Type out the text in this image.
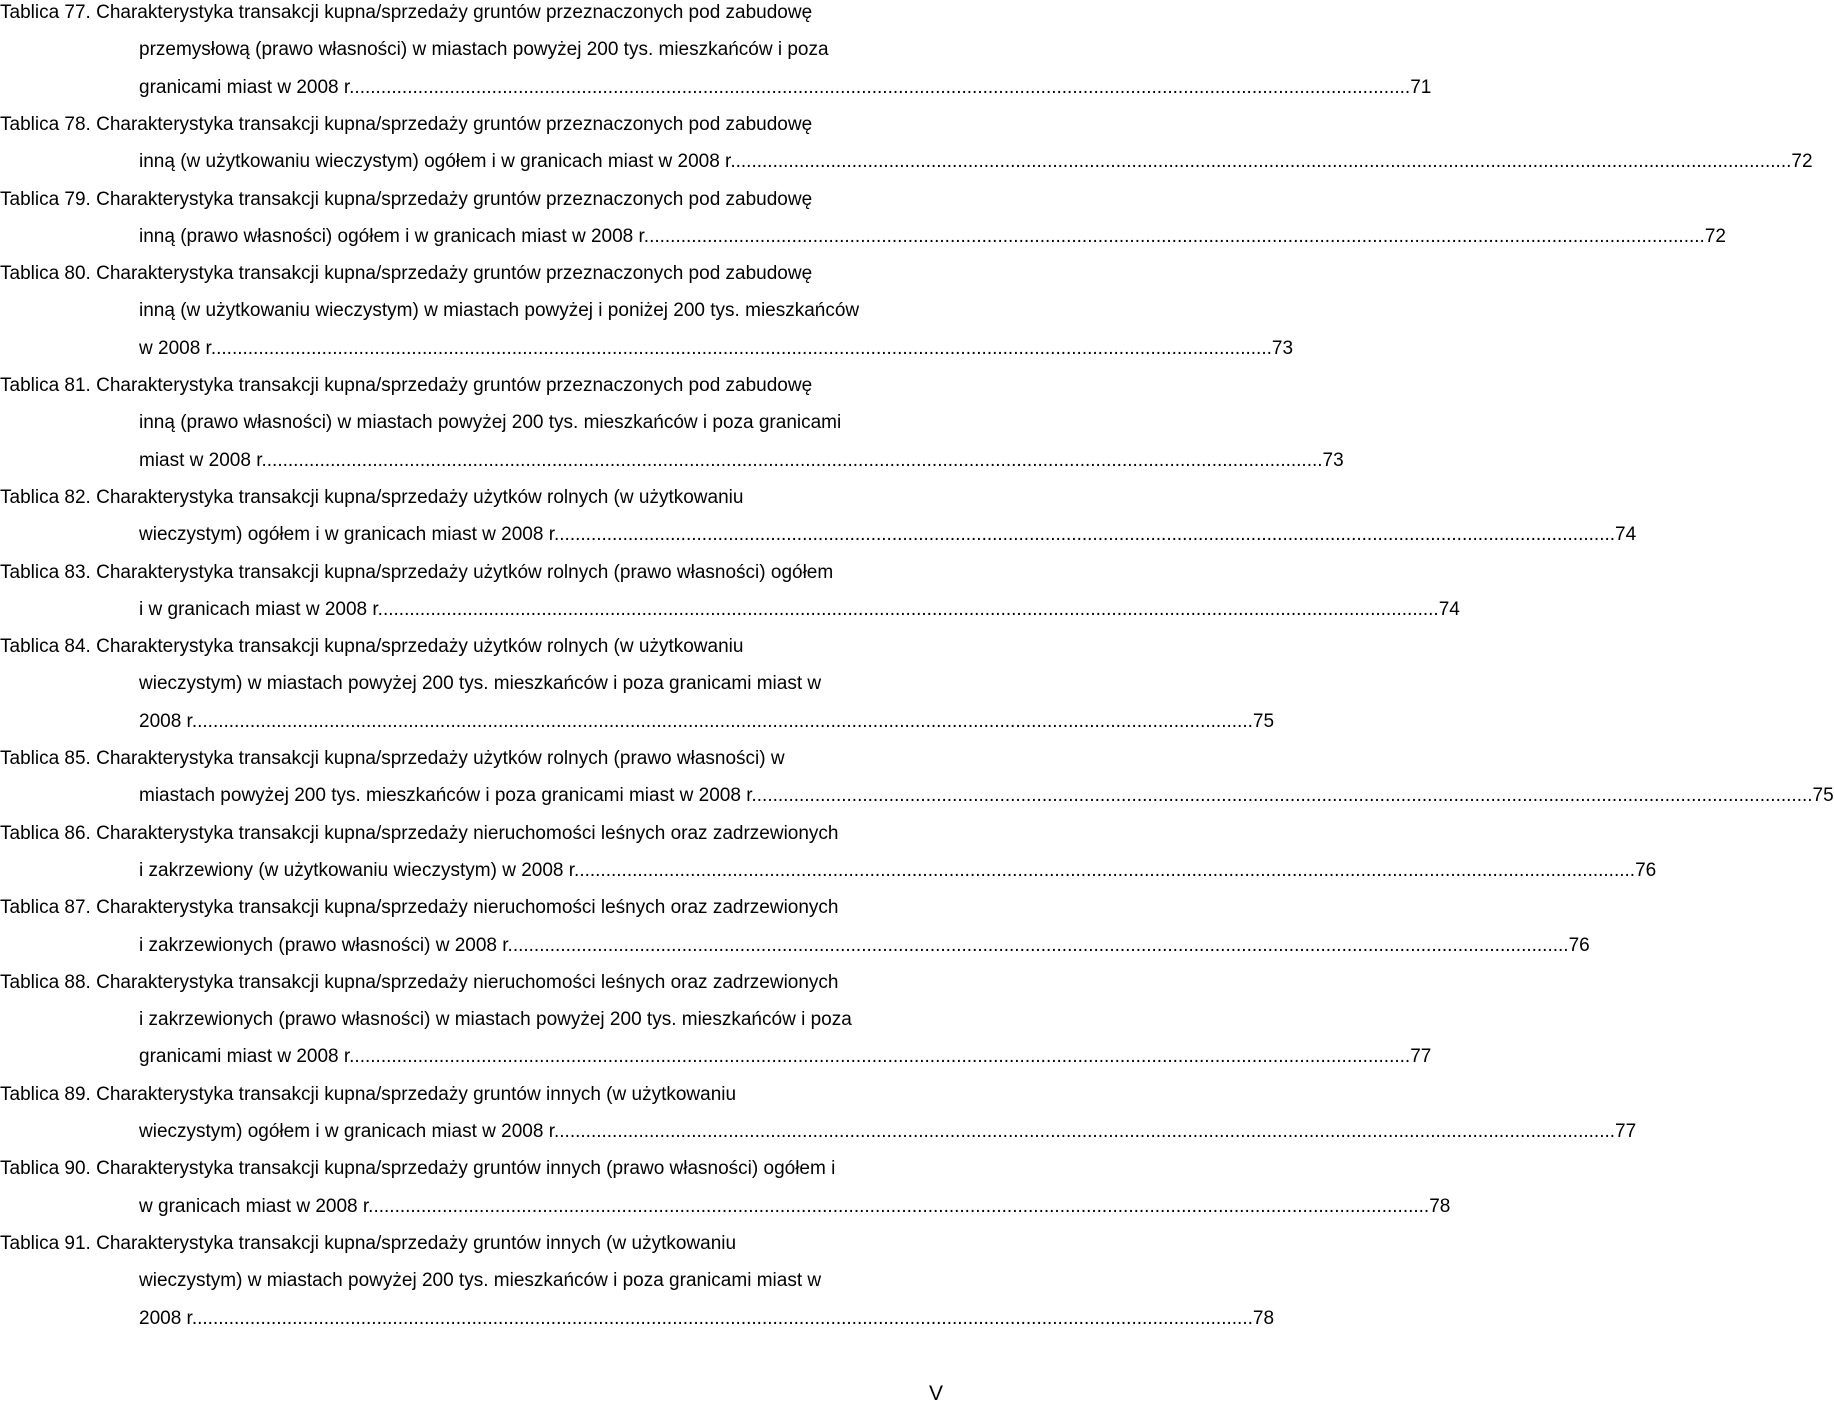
Tablica 77. Charakterystyka transakcji kupna/sprzedaży gruntów przeznaczonych pod zabudowę
przemysłową (prawo własności) w miastach powyżej 200 tys. mieszkańców i poza
granicami miast w 2008 r. ........................................................................................................................................................................................................ 71
Tablica 78. Charakterystyka transakcji kupna/sprzedaży gruntów przeznaczonych pod zabudowę
inną (w użytkowaniu wieczystym) ogółem i w granicach miast w 2008 r. ........................................................................................................................................................................................................ 72
Tablica 79. Charakterystyka transakcji kupna/sprzedaży gruntów przeznaczonych pod zabudowę
inną (prawo własności) ogółem i w granicach miast w 2008 r. ........................................................................................................................................................................................................ 72
Tablica 80. Charakterystyka transakcji kupna/sprzedaży gruntów przeznaczonych pod zabudowę
inną (w użytkowaniu wieczystym) w miastach powyżej i poniżej 200 tys. mieszkańców
w 2008 r. ........................................................................................................................................................................................................ 73
Tablica 81. Charakterystyka transakcji kupna/sprzedaży gruntów przeznaczonych pod zabudowę
inną (prawo własności) w miastach powyżej 200 tys. mieszkańców i poza granicami
miast w 2008 r. ........................................................................................................................................................................................................ 73
Tablica 82. Charakterystyka transakcji kupna/sprzedaży użytków rolnych (w użytkowaniu
wieczystym) ogółem i w granicach miast w 2008 r. ........................................................................................................................................................................................................ 74
Tablica 83. Charakterystyka transakcji kupna/sprzedaży użytków rolnych (prawo własności) ogółem
i w granicach miast w 2008 r. ........................................................................................................................................................................................................ 74
Tablica 84. Charakterystyka transakcji kupna/sprzedaży użytków rolnych (w użytkowaniu
wieczystym) w miastach powyżej 200 tys. mieszkańców i poza granicami miast w
2008 r. ........................................................................................................................................................................................................ 75
Tablica 85. Charakterystyka transakcji kupna/sprzedaży użytków rolnych (prawo własności) w
miastach powyżej 200 tys. mieszkańców i poza granicami miast w 2008 r. ........................................................................................................................................................................................................ 75
Tablica 86. Charakterystyka transakcji kupna/sprzedaży nieruchomości leśnych oraz zadrzewionych
i zakrzewiony (w użytkowaniu wieczystym) w 2008 r. ........................................................................................................................................................................................................ 76
Tablica 87. Charakterystyka transakcji kupna/sprzedaży nieruchomości leśnych oraz zadrzewionych
i zakrzewionych (prawo własności) w 2008 r. ........................................................................................................................................................................................................ 76
Tablica 88. Charakterystyka transakcji kupna/sprzedaży nieruchomości leśnych oraz zadrzewionych
i zakrzewionych (prawo własności) w miastach powyżej 200 tys. mieszkańców i poza
granicami miast w 2008 r. ........................................................................................................................................................................................................ 77
Tablica 89. Charakterystyka transakcji kupna/sprzedaży gruntów innych (w użytkowaniu
wieczystym) ogółem i w granicach miast w 2008 r. ........................................................................................................................................................................................................ 77
Tablica 90. Charakterystyka transakcji kupna/sprzedaży gruntów innych (prawo własności) ogółem i
w granicach miast w 2008 r. ........................................................................................................................................................................................................ 78
Tablica 91. Charakterystyka transakcji kupna/sprzedaży gruntów innych (w użytkowaniu
wieczystym) w miastach powyżej 200 tys. mieszkańców i poza granicami miast w
2008 r. ........................................................................................................................................................................................................ 78
V
